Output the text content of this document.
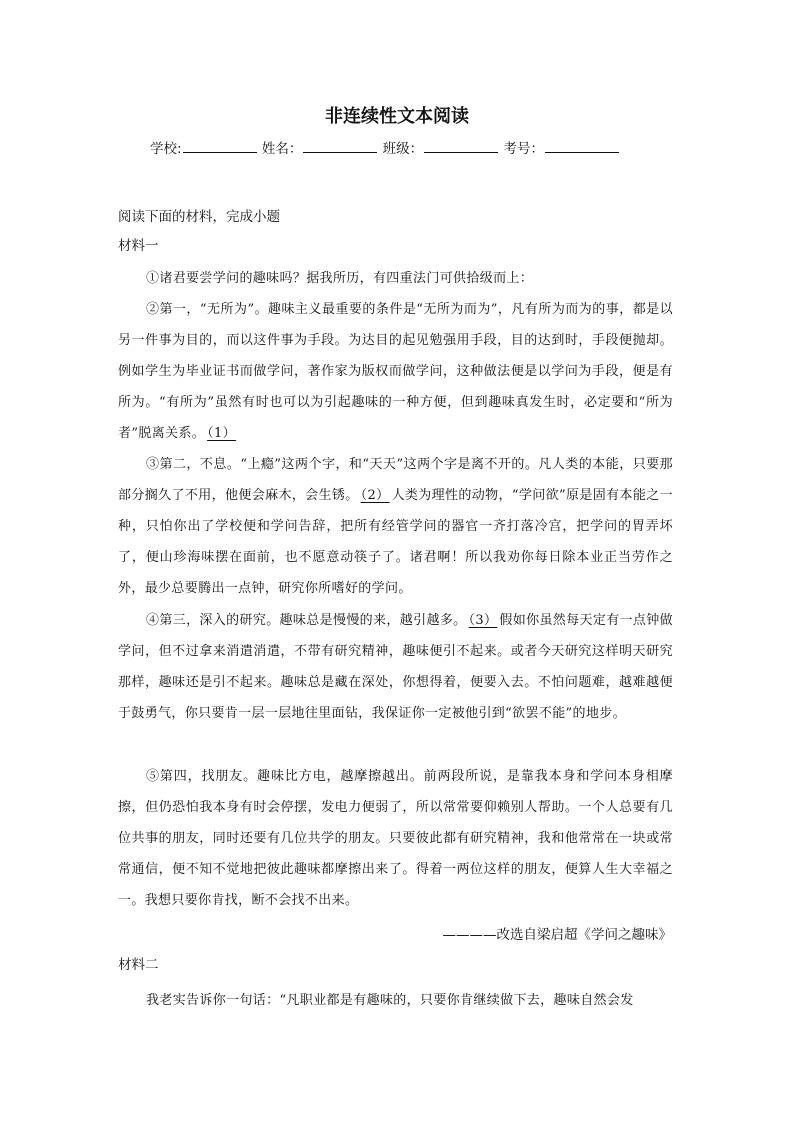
非连续性文本阅读
学校:	姓名：	班级：	考号：
阅读下面的材料，完成小题
材料一

①诸君要尝学问的趣味吗？据我所历，有四重法门可供拾级而上：

②第一，“无所为”。趣味主义最重要的条件是“无所为而为”，凡有所为而为的事，都是以另一件事为目的，而以这件事为手段。为达目的起见勉强用手段，目的达到时，手段便抛却。例如学生为毕业证书而做学问，著作家为版权而做学问，这种做法便是以学问为手段，便是有所为。“有所为”虽然有时也可以为引起趣味的一种方便，但到趣味真发生时，必定要和“所为者”脱离关系。 （1）

③第二，不息。“上瘾”这两个字，和“天天”这两个字是离不开的。凡人类的本能，只要那部分搁久了不用，他便会麻木，会生锈。 （2） 人类为理性的动物，“学问欲”原是固有本能之一种，只怕你出了学校便和学问告辞，把所有经管学问的器官一齐打落冷宫，把学问的胃弄坏了，便山珍海味摆在面前，也不愿意动筷子了。诸君啊！所以我劝你每日除本业正当劳作之外，最少总要腾出一点钟，研究你所嗜好的学问。

④第三，深入的研究。趣味总是慢慢的来，越引越多。 （3） 假如你虽然每天定有一点钟做学问，但不过拿来消遣消遣，不带有研究精神，趣味便引不起来。或者今天研究这样明天研究那样，趣味还是引不起来。趣味总是藏在深处，你想得着，便要入去。不怕问题难，越难越便于鼓勇气，你只要肯一层一层地往里面钻，我保证你一定被他引到“欲罢不能”的地步。

⑤第四，找朋友。趣味比方电，越摩擦越出。前两段所说，是靠我本身和学问本身相摩擦，但仍恐怕我本身有时会停摆，发电力便弱了，所以常常要仰赖别人帮助。一个人总要有几位共事的朋友，同时还要有几位共学的朋友。只要彼此都有研究精神，我和他常常在一块或常常通信，便不知不觉地把彼此趣味都摩擦出来了。得着一两位这样的朋友，便算人生大幸福之一。我想只要你肯找，断不会找不出来。

————改选自梁启超《学问之趣味》
材料二

我老实告诉你一句话：“凡职业都是有趣味的，只要你肯继续做下去，趣味自然会发
